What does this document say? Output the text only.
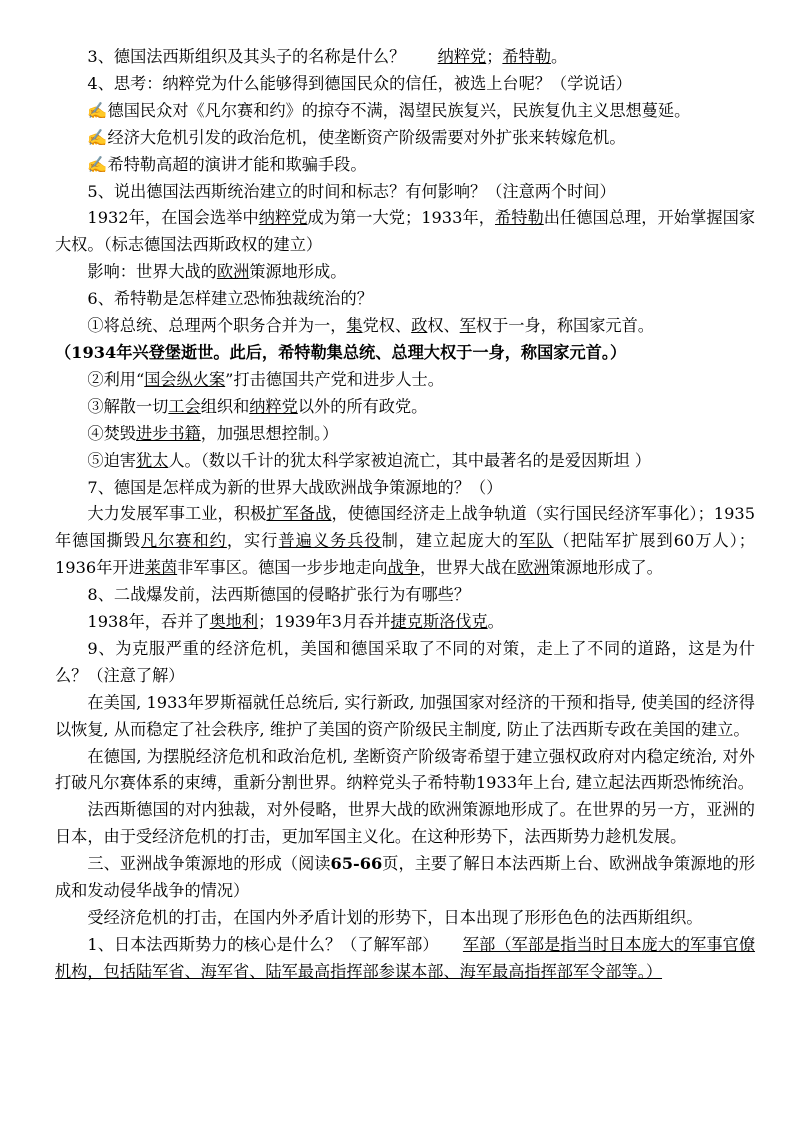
3、德国法西斯组织及其头子的名称是什么？　　 纳粹党；希特勒。

4、思考：纳粹党为什么能够得到德国民众的信任，被选上台呢？（学说话）

✍德国民众对《凡尔赛和约》的掠夺不满，渴望民族复兴，民族复仇主义思想蔓延。

✍经济大危机引发的政治危机，使垄断资产阶级需要对外扩张来转嫁危机。

✍希特勒高超的演讲才能和欺骗手段。

5、说出德国法西斯统治建立的时间和标志？有何影响？（注意两个时间）

1932年，在国会选举中纳粹党成为第一大党；1933年，希特勒出任德国总理，开始掌握国家大权。（标志德国法西斯政权的建立）

影响：世界大战的欧洲策源地形成。

6、希特勒是怎样建立恐怖独裁统治的？

①将总统、总理两个职务合并为一，集党权、政权、军权于一身，称国家元首。

（1934年兴登堡逝世。此后，希特勒集总统、总理大权于一身，称国家元首。）

②利用“国会纵火案”打击德国共产党和进步人士。

③解散一切工会组织和纳粹党以外的所有政党。

④焚毁进步书籍，加强思想控制。）

⑤迫害犹太人。（数以千计的犹太科学家被迫流亡，其中最著名的是爱因斯坦 ）

7、德国是怎样成为新的世界大战欧洲战争策源地的？（）

大力发展军事工业，积极扩军备战，使德国经济走上战争轨道（实行国民经济军事化）；1935年德国撕毁凡尔赛和约，实行普遍义务兵役制，建立起庞大的军队（把陆军扩展到60万人）；1936年开进莱茵非军事区。德国一步步地走向战争，世界大战在欧洲策源地形成了。

8、二战爆发前，法西斯德国的侵略扩张行为有哪些？

1938年，吞并了奥地利；1939年3月吞并捷克斯洛伐克。

9、为克服严重的经济危机，美国和德国采取了不同的对策，走上了不同的道路，这是为什么？（注意了解）

在美国, 1933年罗斯福就任总统后, 实行新政, 加强国家对经济的干预和指导, 使美国的经济得以恢复, 从而稳定了社会秩序, 维护了美国的资产阶级民主制度, 防止了法西斯专政在美国的建立。

在德国, 为摆脱经济危机和政治危机, 垄断资产阶级寄希望于建立强权政府对内稳定统治, 对外打破凡尔赛体系的束缚，重新分割世界。纳粹党头子希特勒1933年上台, 建立起法西斯恐怖统治。

法西斯德国的对内独裁，对外侵略，世界大战的欧洲策源地形成了。在世界的另一方，亚洲的日本，由于受经济危机的打击，更加军国主义化。在这种形势下，法西斯势力趁机发展。

三、亚洲战争策源地的形成（阅读65-66页，主要了解日本法西斯上台、欧洲战争策源地的形成和发动侵华战争的情况）

受经济危机的打击，在国内外矛盾计划的形势下，日本出现了形形色色的法西斯组织。

1、日本法西斯势力的核心是什么？（了解军部）　　 军部（军部是指当时日本庞大的军事官僚机构，包括陆军省、海军省、陆军最高指挥部参谋本部、海军最高指挥部军令部等。）
